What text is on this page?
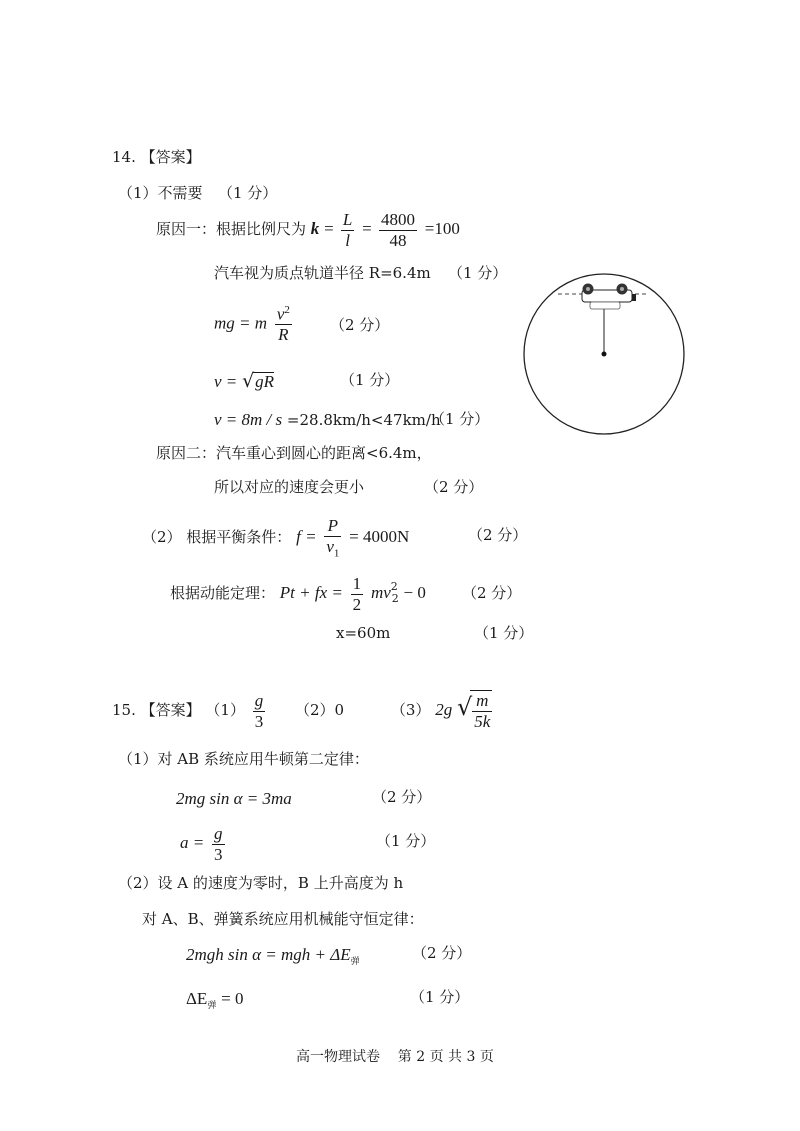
14. 【答案】
（1）不需要 （1 分）
原因一：根据比例尺为 $k = \frac{L}{l} = \frac{4800}{48} =100$
汽车视为质点轨道半径 R=6.4m （1 分）
mg = m $\frac{v^2}{R}$	（2 分）
v = √gR	（1 分）
v = 8m / s =28.8km/h<47km/h
（1 分）
原因二：汽车重心到圆心的距离<6.4m，
所以对应的速度会更小	（2 分）
（2） 根据平衡条件： $f = \frac{P}{v_1} = 4000N$	（2 分）
根据动能定理： Pt + fx = $\frac{1}{2} mv^2_2 - 0$ （2 分）
x=60m	（1 分）
15. 【答案】 $(1) \frac{g}{3} (2)0$	（3） 2g √ $\frac{m}{5k}$
（1）对 AB 系统应用牛顿第二定律：
2mg sin α = 3ma	（2 分）
$a = \frac{g}{3}$	（1 分）
（2）设 A 的速度为零时，B 上升高度为 h
对 A、B、弹簧系统应用机械能守恒定律：
2mgh sin α = mgh + $\Delta E_弹$	（2 分）
$\Delta E_弹 = 0$	（1 分）
高一物理试卷    第 2 页 共 3 页
